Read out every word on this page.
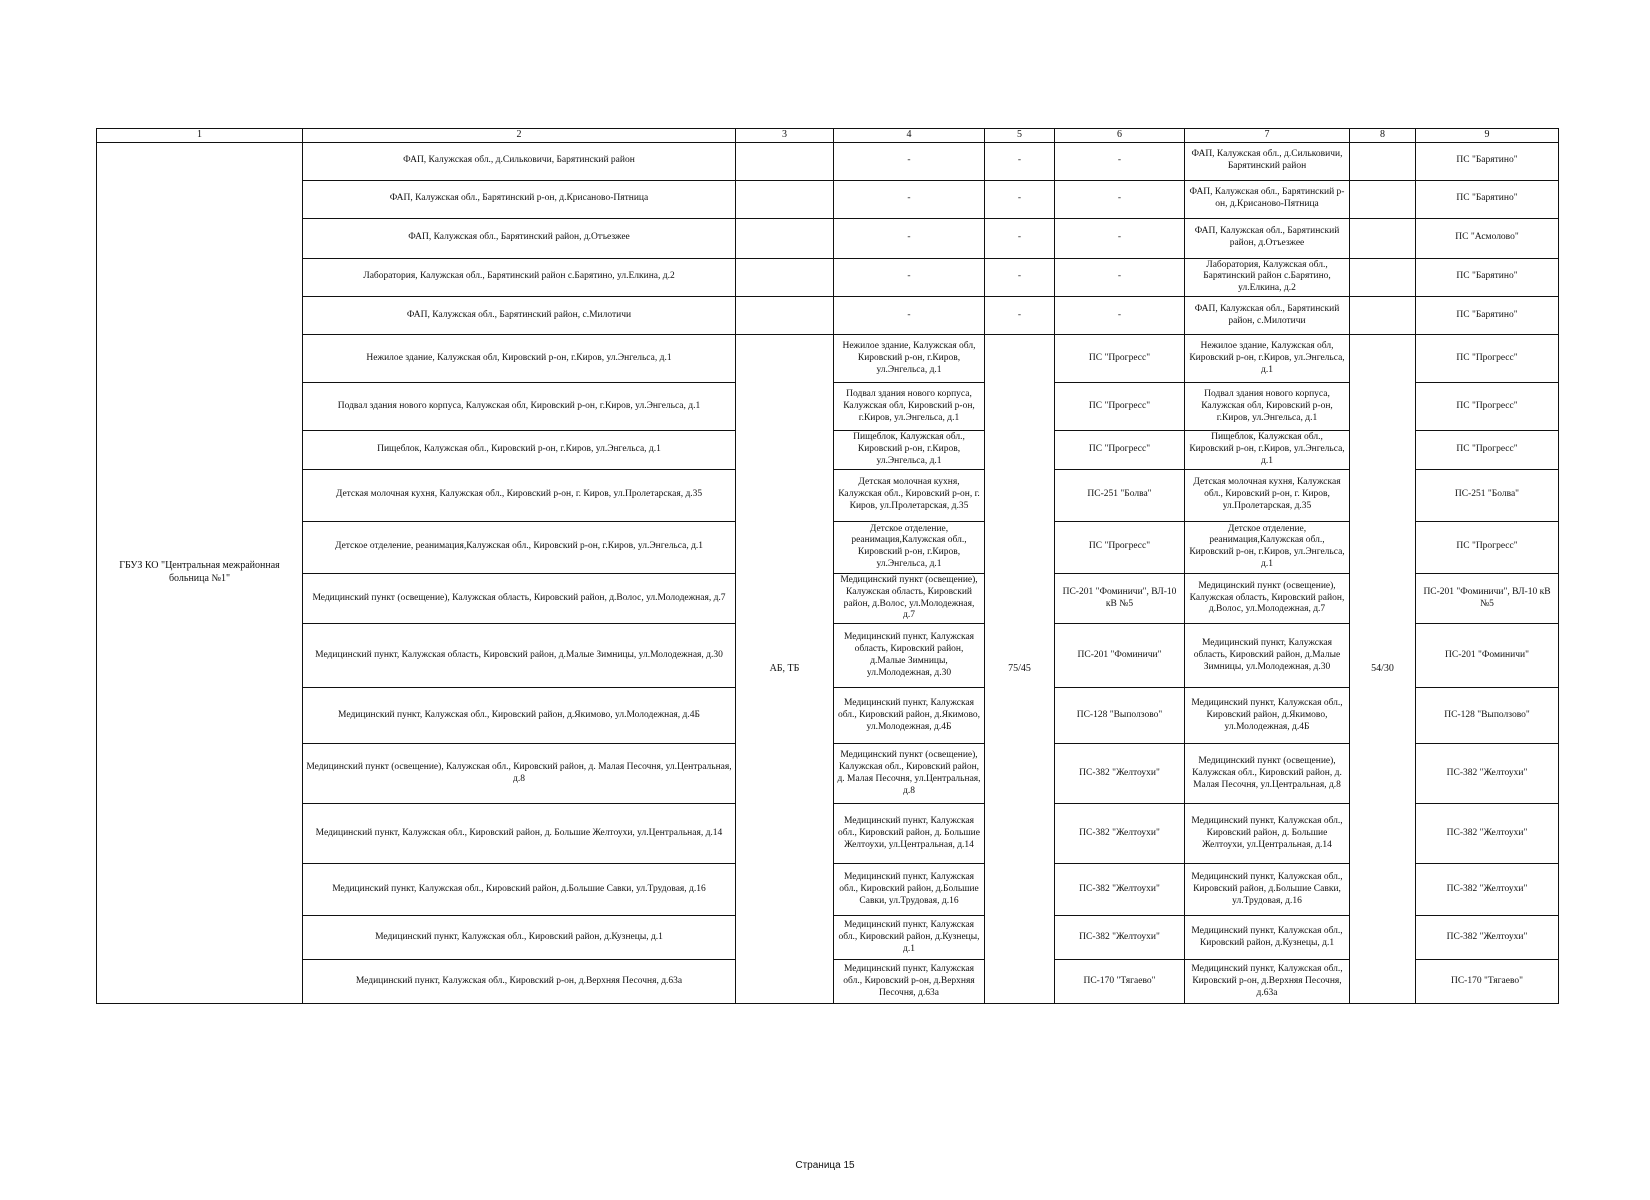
1	2	3	4	5	6	7	8	9
ГБУЗ КО "Центральная межрайонная больница №1"	ФАП, Калужская обл., д.Сильковичи, Барятинский район		-	-	-	ФАП, Калужская обл., д.Сильковичи, Барятинский район		ПС "Барятино"
	ФАП, Калужская обл., Барятинский р-он, д.Крисаново-Пятница		-	-	-	ФАП, Калужская обл., Барятинский р-он, д.Крисаново-Пятница		ПС "Барятино"
	ФАП, Калужская обл., Барятинский район, д.Отъезжее		-	-	-	ФАП, Калужская обл., Барятинский район, д.Отъезжее		ПС "Асмолово"
	Лаборатория, Калужская обл., Барятинский район с.Барятино, ул.Елкина, д.2		-	-	-	Лаборатория, Калужская обл., Барятинский район с.Барятино, ул.Елкина, д.2		ПС "Барятино"
	ФАП, Калужская обл., Барятинский район, с.Милотичи		-	-	-	ФАП, Калужская обл., Барятинский район, с.Милотичи		ПС "Барятино"
	Нежилое здание, Калужская обл, Кировский р-он, г.Киров, ул.Энгельса, д.1	АБ, ТБ	Нежилое здание, Калужская обл, Кировский р-он, г.Киров, ул.Энгельса, д.1	75/45	ПС "Прогресс"	Нежилое здание, Калужская обл, Кировский р-он, г.Киров, ул.Энгельса, д.1	54/30	ПС "Прогресс"
	Подвал здания нового корпуса, Калужская обл, Кировский р-он, г.Киров, ул.Энгельса, д.1		Подвал здания нового корпуса, Калужская обл, Кировский р-он, г.Киров, ул.Энгельса, д.1		ПС "Прогресс"	Подвал здания нового корпуса, Калужская обл, Кировский р-он, г.Киров, ул.Энгельса, д.1		ПС "Прогресс"
	Пищеблок, Калужская обл., Кировский р-он, г.Киров, ул.Энгельса, д.1		Пищеблок, Калужская обл., Кировский р-он, г.Киров, ул.Энгельса, д.1		ПС "Прогресс"	Пищеблок, Калужская обл., Кировский р-он, г.Киров, ул.Энгельса, д.1		ПС "Прогресс"
	Детская молочная кухня, Калужская обл., Кировский р-он, г. Киров, ул.Пролетарская, д.35		Детская молочная кухня, Калужская обл., Кировский р-он, г. Киров, ул.Пролетарская, д.35		ПС-251 "Болва"	Детская молочная кухня, Калужская обл., Кировский р-он, г. Киров, ул.Пролетарская, д.35		ПС-251 "Болва"
	Детское отделение, реанимация,Калужская обл., Кировский р-он, г.Киров, ул.Энгельса, д.1		Детское отделение, реанимация,Калужская обл., Кировский р-он, г.Киров, ул.Энгельса, д.1		ПС "Прогресс"	Детское отделение, реанимация,Калужская обл., Кировский р-он, г.Киров, ул.Энгельса, д.1		ПС "Прогресс"
	Медицинский пункт (освещение), Калужская область, Кировский район, д.Волос, ул.Молодежная, д.7		Медицинский пункт (освещение), Калужская область, Кировский район, д.Волос, ул.Молодежная, д.7		ПС-201 "Фоминичи", ВЛ-10 кВ №5	Медицинский пункт (освещение), Калужская область, Кировский район, д.Волос, ул.Молодежная, д.7		ПС-201 "Фоминичи", ВЛ-10 кВ №5
	Медицинский пункт, Калужская область, Кировский район, д.Малые Зимницы, ул.Молодежная, д.30		Медицинский пункт, Калужская область, Кировский район, д.Малые Зимницы, ул.Молодежная, д.30		ПС-201 "Фоминичи"	Медицинский пункт, Калужская область, Кировский район, д.Малые Зимницы, ул.Молодежная, д.30		ПС-201 "Фоминичи"
	Медицинский пункт, Калужская обл., Кировский район, д.Якимово, ул.Молодежная, д.4Б		Медицинский пункт, Калужская обл., Кировский район, д.Якимово, ул.Молодежная, д.4Б		ПС-128 "Выползово"	Медицинский пункт, Калужская обл., Кировский район, д.Якимово, ул.Молодежная, д.4Б		ПС-128 "Выползово"
	Медицинский пункт (освещение), Калужская обл., Кировский район, д. Малая Песочня, ул.Центральная, д.8		Медицинский пункт (освещение), Калужская обл., Кировский район, д. Малая Песочня, ул.Центральная, д.8		ПС-382 "Желтоухи"	Медицинский пункт (освещение), Калужская обл., Кировский район, д. Малая Песочня, ул.Центральная, д.8		ПС-382 "Желтоухи"
	Медицинский пункт, Калужская обл., Кировский район, д. Большие Желтоухи, ул.Центральная, д.14		Медицинский пункт, Калужская обл., Кировский район, д. Большие Желтоухи, ул.Центральная, д.14		ПС-382 "Желтоухи"	Медицинский пункт, Калужская обл., Кировский район, д. Большие Желтоухи, ул.Центральная, д.14		ПС-382 "Желтоухи"
	Медицинский пункт, Калужская обл., Кировский район, д.Большие Савки, ул.Трудовая, д.16		Медицинский пункт, Калужская обл., Кировский район, д.Большие Савки, ул.Трудовая, д.16		ПС-382 "Желтоухи"	Медицинский пункт, Калужская обл., Кировский район, д.Большие Савки, ул.Трудовая, д.16		ПС-382 "Желтоухи"
	Медицинский пункт, Калужская обл., Кировский район, д.Кузнецы, д.1		Медицинский пункт, Калужская обл., Кировский район, д.Кузнецы, д.1		ПС-382 "Желтоухи"	Медицинский пункт, Калужская обл., Кировский район, д.Кузнецы, д.1		ПС-382 "Желтоухи"
	Медицинский пункт, Калужская обл., Кировский р-он, д.Верхняя Песочня, д.63а		Медицинский пункт, Калужская обл., Кировский р-он, д.Верхняя Песочня, д.63а		ПС-170 "Тягаево"	Медицинский пункт, Калужская обл., Кировский р-он, д.Верхняя Песочня, д.63а		ПС-170 "Тягаево"
Страница 15
